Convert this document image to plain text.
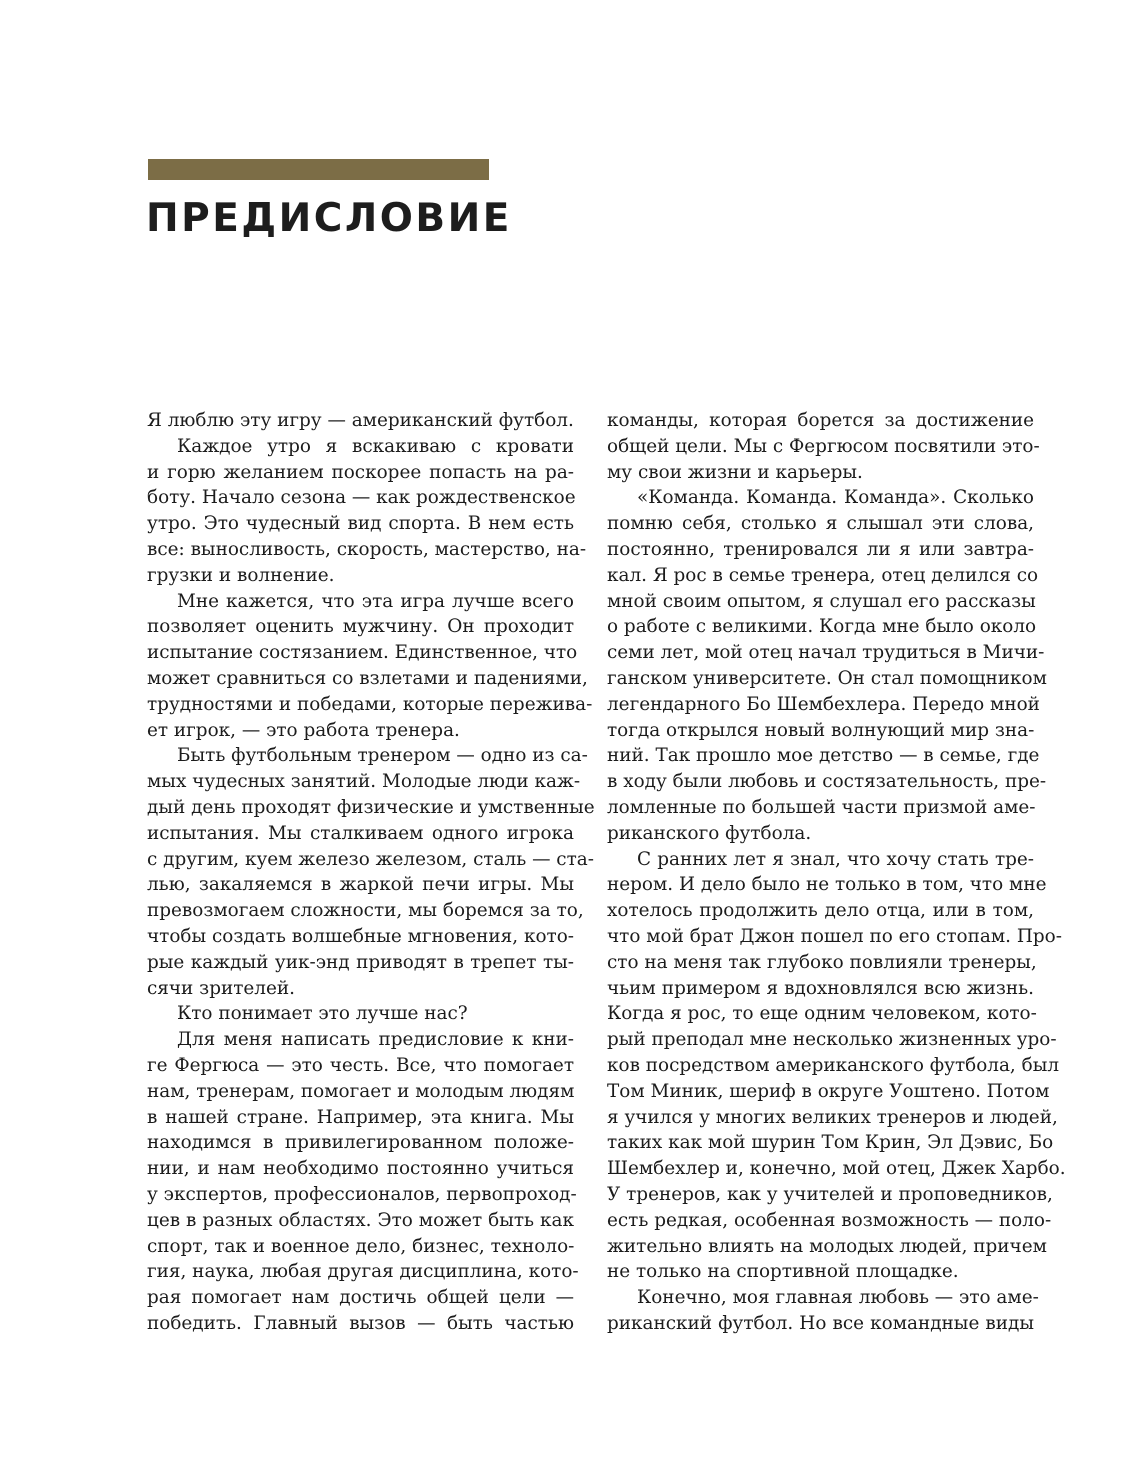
ПРЕДИСЛОВИЕ
Я люблю эту игру — американский футбол.
Каждое утро я вскакиваю с кровати
и горю желанием поскорее попасть на ра-
боту. Начало сезона — как рождественское
утро. Это чудесный вид спорта. В нем есть
все: выносливость, скорость, мастерство, на-
грузки и волнение.
Мне кажется, что эта игра лучше всего
позволяет оценить мужчину. Он проходит
испытание состязанием. Единственное, что
может сравниться со взлетами и падениями,
трудностями и победами, которые пережива-
ет игрок, — это работа тренера.
Быть футбольным тренером — одно из са-
мых чудесных занятий. Молодые люди каж-
дый день проходят физические и умственные
испытания. Мы сталкиваем одного игрока
с другим, куем железо железом, сталь — ста-
лью, закаляемся в жаркой печи игры. Мы
превозмогаем сложности, мы боремся за то,
чтобы создать волшебные мгновения, кото-
рые каждый уик-энд приводят в трепет ты-
сячи зрителей.
Кто понимает это лучше нас?
Для меня написать предисловие к кни-
ге Фергюса — это честь. Все, что помогает
нам, тренерам, помогает и молодым людям
в нашей стране. Например, эта книга. Мы
находимся в привилегированном положе-
нии, и нам необходимо постоянно учиться
у экспертов, профессионалов, первопроход-
цев в разных областях. Это может быть как
спорт, так и военное дело, бизнес, техноло-
гия, наука, любая другая дисциплина, кото-
рая помогает нам достичь общей цели —
победить. Главный вызов — быть частью
команды, которая борется за достижение
общей цели. Мы с Фергюсом посвятили это-
му свои жизни и карьеры.
«Команда. Команда. Команда». Сколько
помню себя, столько я слышал эти слова,
постоянно, тренировался ли я или завтра-
кал. Я рос в семье тренера, отец делился со
мной своим опытом, я слушал его рассказы
о работе с великими. Когда мне было около
семи лет, мой отец начал трудиться в Мичи-
ганском университете. Он стал помощником
легендарного Бо Шембехлера. Передо мной
тогда открылся новый волнующий мир зна-
ний. Так прошло мое детство — в семье, где
в ходу были любовь и состязательность, пре-
ломленные по большей части призмой аме-
риканского футбола.
С ранних лет я знал, что хочу стать тре-
нером. И дело было не только в том, что мне
хотелось продолжить дело отца, или в том,
что мой брат Джон пошел по его стопам. Про-
сто на меня так глубоко повлияли тренеры,
чьим примером я вдохновлялся всю жизнь.
Когда я рос, то еще одним человеком, кото-
рый преподал мне несколько жизненных уро-
ков посредством американского футбола, был
Том Миник, шериф в округе Уоштено. Потом
я учился у многих великих тренеров и людей,
таких как мой шурин Том Крин, Эл Дэвис, Бо
Шембехлер и, конечно, мой отец, Джек Харбо.
У тренеров, как у учителей и проповедников,
есть редкая, особенная возможность — поло-
жительно влиять на молодых людей, причем
не только на спортивной площадке.
Конечно, моя главная любовь — это аме-
риканский футбол. Но все командные виды
